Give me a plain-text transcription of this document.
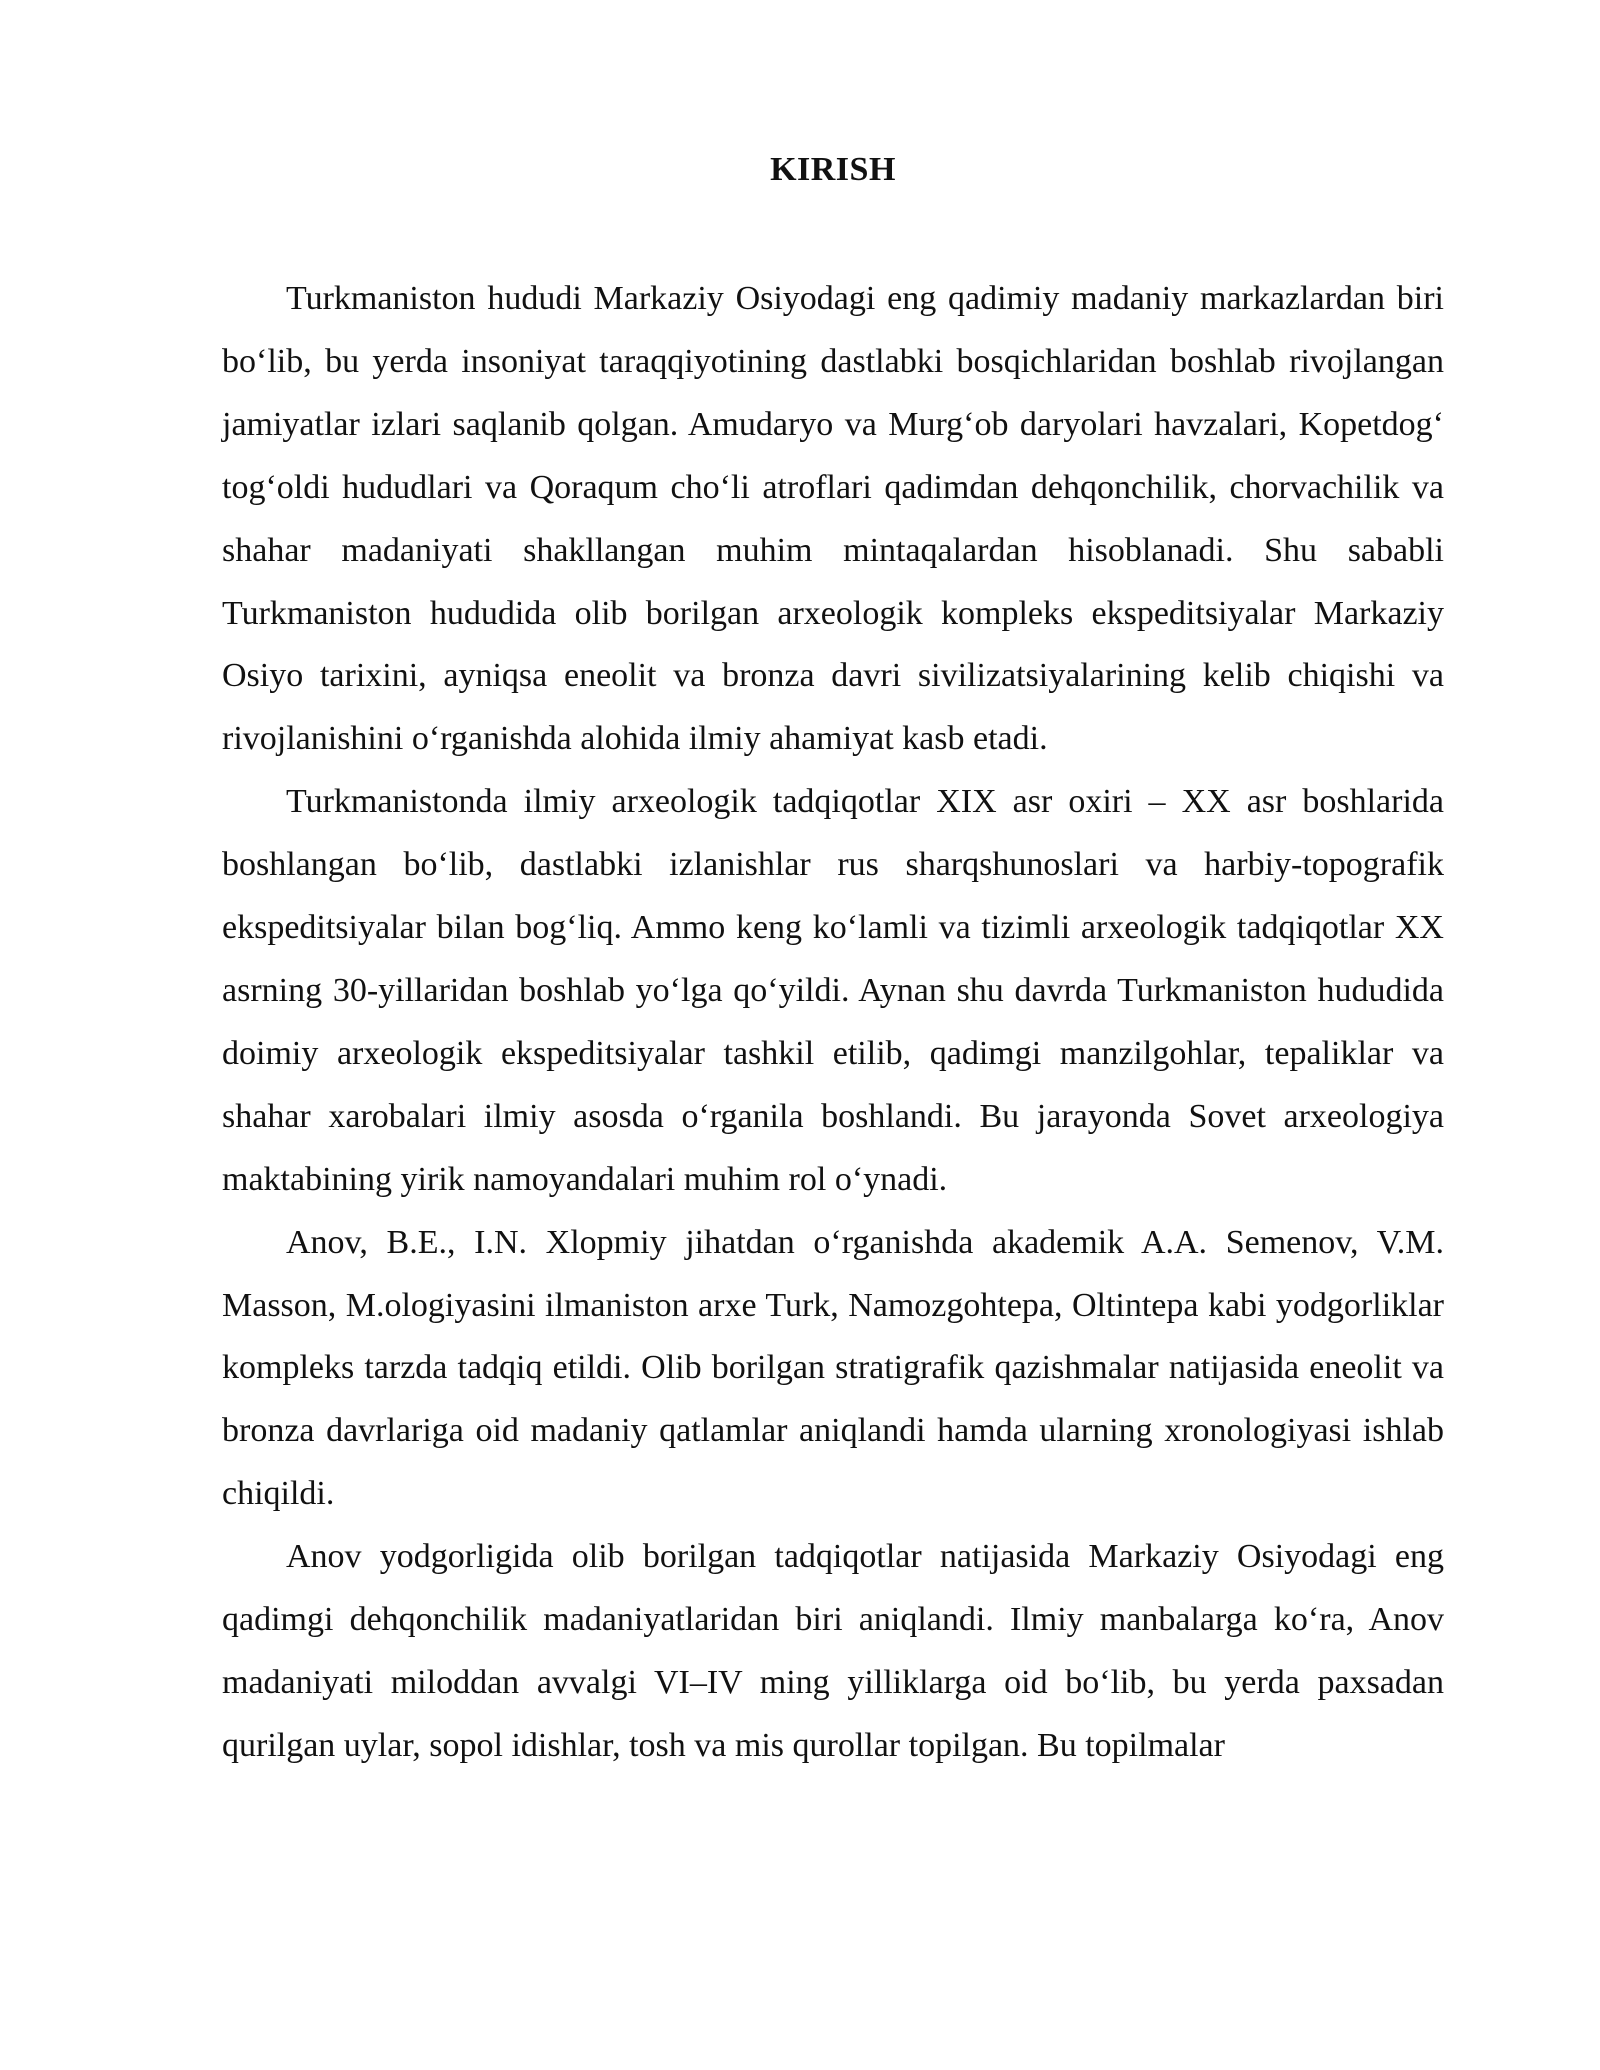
KIRISH

Turkmaniston hududi Markaziy Osiyodagi eng qadimiy madaniy markazlardan biri bo‘lib, bu yerda insoniyat taraqqiyotining dastlabki bosqichlaridan boshlab rivojlangan jamiyatlar izlari saqlanib qolgan. Amudaryo va Murg‘ob daryolari havzalari, Kopetdog‘ tog‘oldi hududlari va Qoraqum cho‘li atroflari qadimdan dehqonchilik, chorvachilik va shahar madaniyati shakllangan muhim mintaqalardan hisoblanadi. Shu sababli Turkmaniston hududida olib borilgan arxeologik kompleks ekspeditsiyalar Markaziy Osiyo tarixini, ayniqsa eneolit va bronza davri sivilizatsiyalarining kelib chiqishi va rivojlanishini o‘rganishda alohida ilmiy ahamiyat kasb etadi.

Turkmanistonda ilmiy arxeologik tadqiqotlar XIX asr oxiri – XX asr boshlarida boshlangan bo‘lib, dastlabki izlanishlar rus sharqshunoslari va harbiy-topografik ekspeditsiyalar bilan bog‘liq. Ammo keng ko‘lamli va tizimli arxeologik tadqiqotlar XX asrning 30-yillaridan boshlab yo‘lga qo‘yildi. Aynan shu davrda Turkmaniston hududida doimiy arxeologik ekspeditsiyalar tashkil etilib, qadimgi manzilgohlar, tepaliklar va shahar xarobalari ilmiy asosda o‘rganila boshlandi. Bu jarayonda Sovet arxeologiya maktabining yirik namoyandalari muhim rol o‘ynadi.

Anov, B.E., I.N. Xlopmiy jihatdan o‘rganishda akademik A.A. Semenov, V.M. Masson, M.ologiyasini ilmaniston arxe Turk, Namozgohtepa, Oltintepa kabi yodgorliklar kompleks tarzda tadqiq etildi. Olib borilgan stratigrafik qazishmalar natijasida eneolit va bronza davrlariga oid madaniy qatlamlar aniqlandi hamda ularning xronologiyasi ishlab chiqildi.

Anov yodgorligida olib borilgan tadqiqotlar natijasida Markaziy Osiyodagi eng qadimgi dehqonchilik madaniyatlaridan biri aniqlandi. Ilmiy manbalarga ko‘ra, Anov madaniyati miloddan avvalgi VI–IV ming yilliklarga oid bo‘lib, bu yerda paxsadan qurilgan uylar, sopol idishlar, tosh va mis qurollar topilgan. Bu topilmalar
